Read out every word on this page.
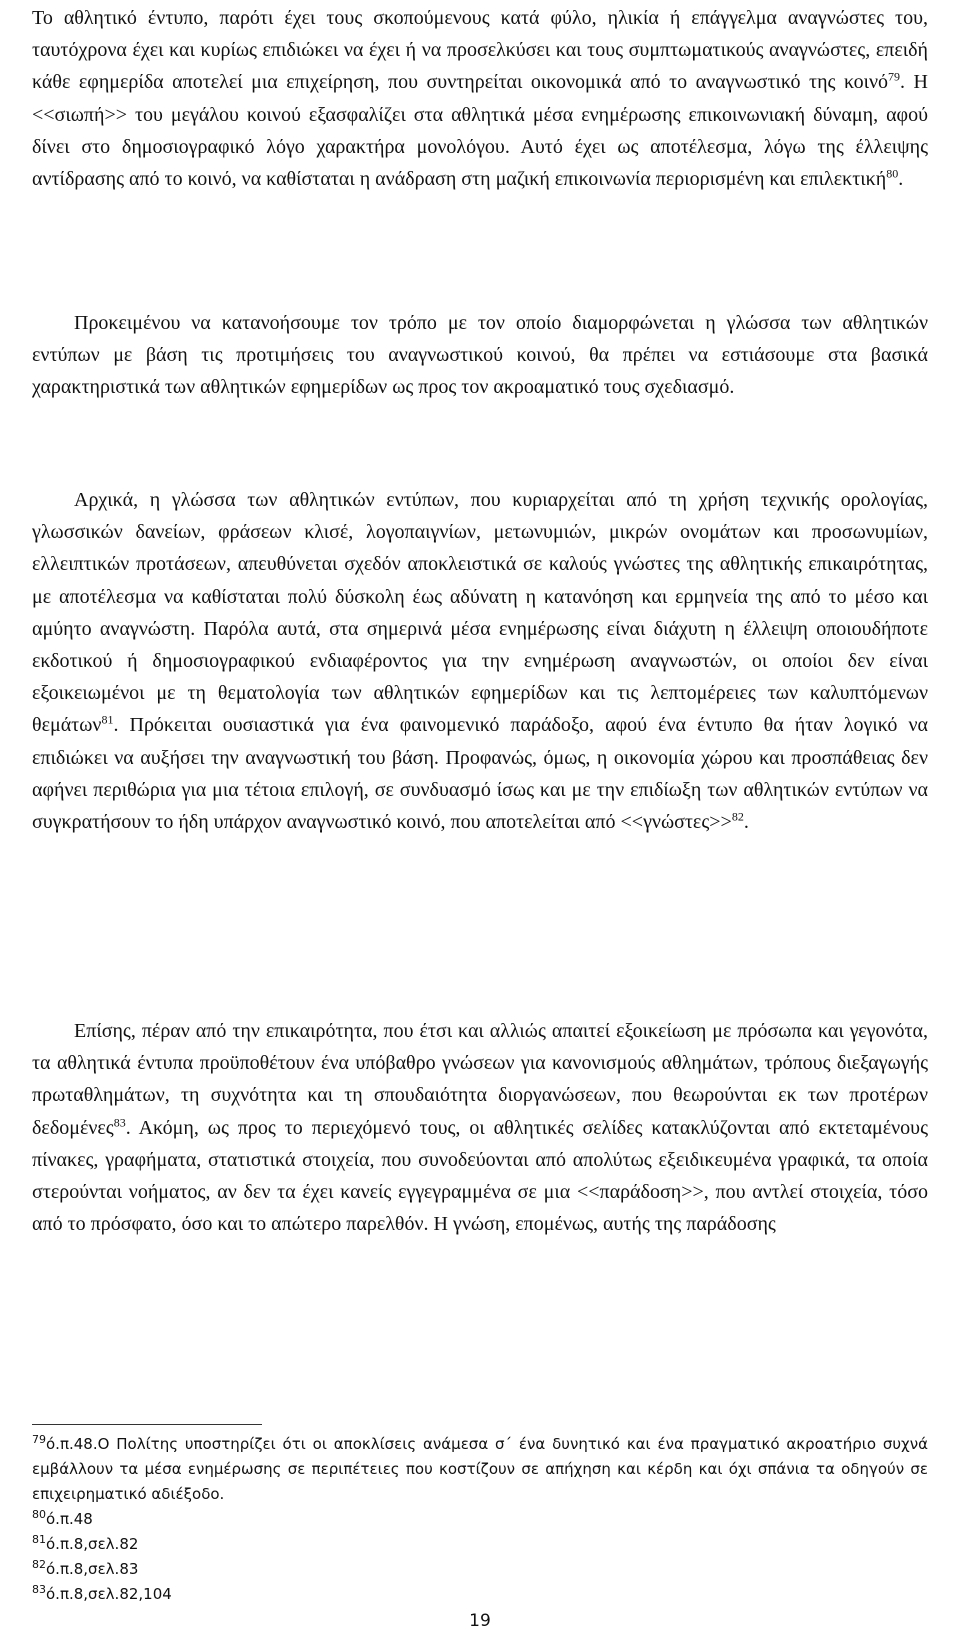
Το αθλητικό έντυπο, παρότι έχει τους σκοπούμενους κατά φύλο, ηλικία ή επάγγελμα αναγνώστες του, ταυτόχρονα έχει και κυρίως επιδιώκει να έχει ή να προσελκύσει και τους συμπτωματικούς αναγνώστες, επειδή κάθε εφημερίδα αποτελεί μια επιχείρηση, που συντηρείται οικονομικά από το αναγνωστικό της κοινό$^{79}$. Η <<σιωπή>> του μεγάλου κοινού εξασφαλίζει στα αθλητικά μέσα ενημέρωσης επικοινωνιακή δύναμη, αφού δίνει στο δημοσιογραφικό λόγο χαρακτήρα μονολόγου. Αυτό έχει ως αποτέλεσμα, λόγω της έλλειψης αντίδρασης από το κοινό, να καθίσταται η ανάδραση στη μαζική επικοινωνία περιορισμένη και επιλεκτική$^{80}$.

Προκειμένου να κατανοήσουμε τον τρόπο με τον οποίο διαμορφώνεται η γλώσσα των αθλητικών εντύπων με βάση τις προτιμήσεις του αναγνωστικού κοινού, θα πρέπει να εστιάσουμε στα βασικά χαρακτηριστικά των αθλητικών εφημερίδων ως προς τον ακροαματικό τους σχεδιασμό.

Αρχικά, η γλώσσα των αθλητικών εντύπων, που κυριαρχείται από τη χρήση τεχνικής ορολογίας, γλωσσικών δανείων, φράσεων κλισέ, λογοπαιγνίων, μετωνυμιών, μικρών ονομάτων και προσωνυμίων, ελλειπτικών προτάσεων, απευθύνεται σχεδόν αποκλειστικά σε καλούς γνώστες της αθλητικής επικαιρότητας, με αποτέλεσμα να καθίσταται πολύ δύσκολη έως αδύνατη η κατανόηση και ερμηνεία της από το μέσο και αμύητο αναγνώστη. Παρόλα αυτά, στα σημερινά μέσα ενημέρωσης είναι διάχυτη η έλλειψη οποιουδήποτε εκδοτικού ή δημοσιογραφικού ενδιαφέροντος για την ενημέρωση αναγνωστών, οι οποίοι δεν είναι εξοικειωμένοι με τη θεματολογία των αθλητικών εφημερίδων και τις λεπτομέρειες των καλυπτόμενων θεμάτων$^{81}$. Πρόκειται ουσιαστικά για ένα φαινομενικό παράδοξο, αφού ένα έντυπο θα ήταν λογικό να επιδιώκει να αυξήσει την αναγνωστική του βάση. Προφανώς, όμως, η οικονομία χώρου και προσπάθειας δεν αφήνει περιθώρια για μια τέτοια επιλογή, σε συνδυασμό ίσως και με την επιδίωξη των αθλητικών εντύπων να συγκρατήσουν το ήδη υπάρχον αναγνωστικό κοινό, που αποτελείται από <<γνώστες>>$^{82}$.

Επίσης, πέραν από την επικαιρότητα, που έτσι και αλλιώς απαιτεί εξοικείωση με πρόσωπα και γεγονότα, τα αθλητικά έντυπα προϋποθέτουν ένα υπόβαθρο γνώσεων για κανονισμούς αθλημάτων, τρόπους διεξαγωγής πρωταθλημάτων, τη συχνότητα και τη σπουδαιότητα διοργανώσεων, που θεωρούνται εκ των προτέρων δεδομένες$^{83}$. Ακόμη, ως προς το περιεχόμενό τους, οι αθλητικές σελίδες κατακλύζονται από εκτεταμένους πίνακες, γραφήματα, στατιστικά στοιχεία, που συνοδεύονται από απολύτως εξειδικευμένα γραφικά, τα οποία στερούνται νοήματος, αν δεν τα έχει κανείς εγγεγραμμένα σε μια <<παράδοση>>, που αντλεί στοιχεία, τόσο από το πρόσφατο, όσο και το απώτερο παρελθόν. Η γνώση, επομένως, αυτής της παράδοσης

$^{79}$ό.π.48.Ο Πολίτης υποστηρίζει ότι οι αποκλίσεις ανάμεσα σ΄ ένα δυνητικό και ένα πραγματικό ακροατήριο συχνά εμβάλλουν τα μέσα ενημέρωσης σε περιπέτειες που κοστίζουν σε απήχηση και κέρδη και όχι σπάνια τα οδηγούν σε επιχειρηματικό αδιέξοδο.

$^{80}$ό.π.48

$^{81}$ό.π.8,σελ.82

$^{82}$ό.π.8,σελ.83

$^{83}$ό.π.8,σελ.82,104

19
